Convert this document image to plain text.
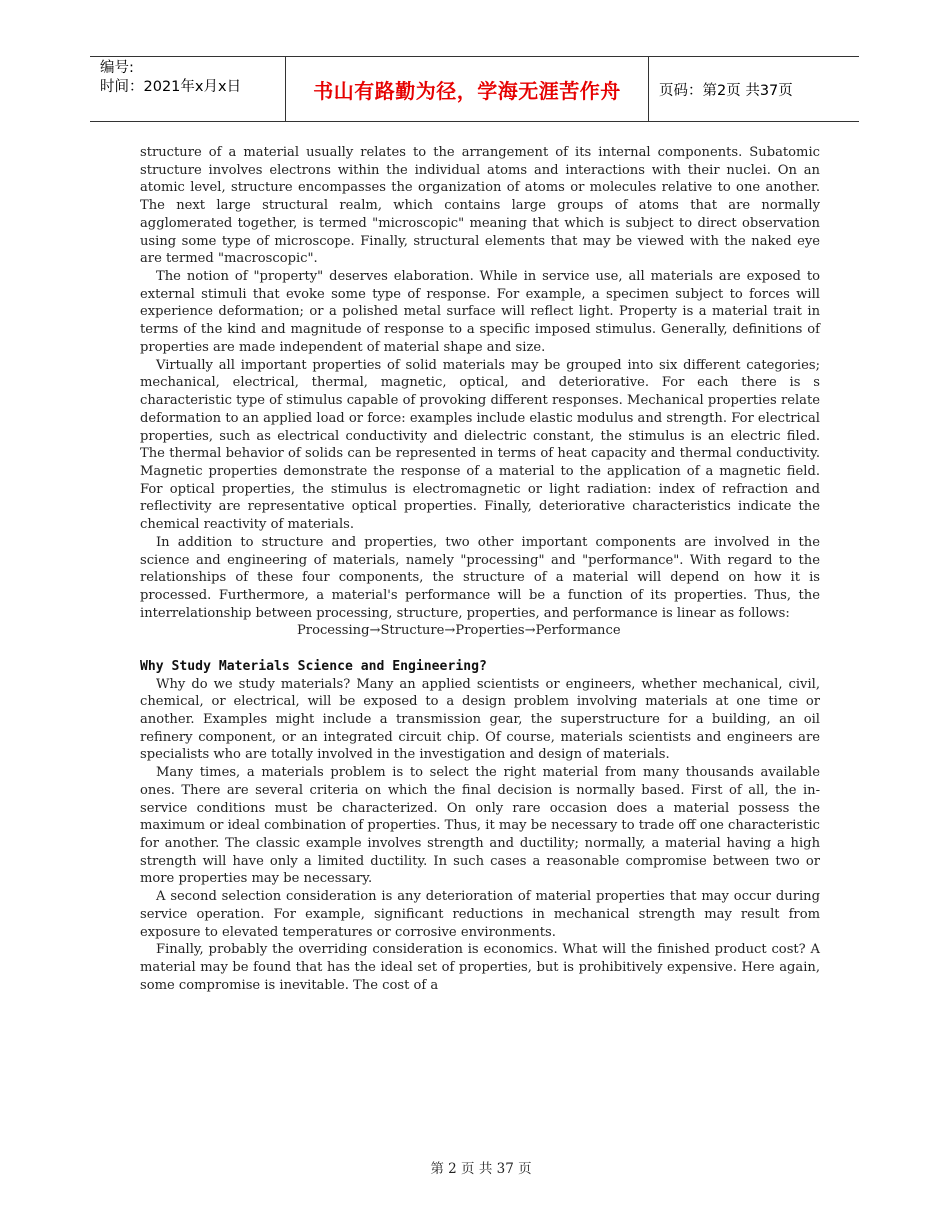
编号:
时间：2021年x月x日	书山有路勤为径，学海无涯苦作舟	页码：第2页 共37页

structure of a material usually relates to the arrangement of its internal components. Subatomic structure involves electrons within the individual atoms and interactions with their nuclei. On an atomic level, structure encompasses the organization of atoms or molecules relative to one another. The next large structural realm, which contains large groups of atoms that are normally agglomerated together, is termed "microscopic" meaning that which is subject to direct observation using some type of microscope. Finally, structural elements that may be viewed with the naked eye are termed "macroscopic".

The notion of "property" deserves elaboration. While in service use, all materials are exposed to external stimuli that evoke some type of response. For example, a specimen subject to forces will experience deformation; or a polished metal surface will reflect light. Property is a material trait in terms of the kind and magnitude of response to a specific imposed stimulus. Generally, definitions of properties are made independent of material shape and size.

Virtually all important properties of solid materials may be grouped into six different categories; mechanical, electrical, thermal, magnetic, optical, and deteriorative. For each there is s characteristic type of stimulus capable of provoking different responses. Mechanical properties relate deformation to an applied load or force: examples include elastic modulus and strength. For electrical properties, such as electrical conductivity and dielectric constant, the stimulus is an electric filed. The thermal behavior of solids can be represented in terms of heat capacity and thermal conductivity. Magnetic properties demonstrate the response of a material to the application of a magnetic field. For optical properties, the stimulus is electromagnetic or light radiation: index of refraction and reflectivity are representative optical properties. Finally, deteriorative characteristics indicate the chemical reactivity of materials.

In addition to structure and properties, two other important components are involved in the science and engineering of materials, namely "processing" and "performance". With regard to the relationships of these four components, the structure of a material will depend on how it is processed. Furthermore, a material's performance will be a function of its properties. Thus, the interrelationship between processing, structure, properties, and performance is linear as follows:

Processing→Structure→Properties→Performance

Why Study Materials Science and Engineering?

Why do we study materials? Many an applied scientists or engineers, whether mechanical, civil, chemical, or electrical, will be exposed to a design problem involving materials at one time or another. Examples might include a transmission gear, the superstructure for a building, an oil refinery component, or an integrated circuit chip. Of course, materials scientists and engineers are specialists who are totally involved in the investigation and design of materials.

Many times, a materials problem is to select the right material from many thousands available ones. There are several criteria on which the final decision is normally based. First of all, the in-service conditions must be characterized. On only rare occasion does a material possess the maximum or ideal combination of properties. Thus, it may be necessary to trade off one characteristic for another. The classic example involves strength and ductility; normally, a material having a high strength will have only a limited ductility. In such cases a reasonable compromise between two or more properties may be necessary.

A second selection consideration is any deterioration of material properties that may occur during service operation. For example, significant reductions in mechanical strength may result from exposure to elevated temperatures or corrosive environments.

Finally, probably the overriding consideration is economics. What will the finished product cost? A material may be found that has the ideal set of properties, but is prohibitively expensive. Here again, some compromise is inevitable. The cost of a

第 2 页 共 37 页
